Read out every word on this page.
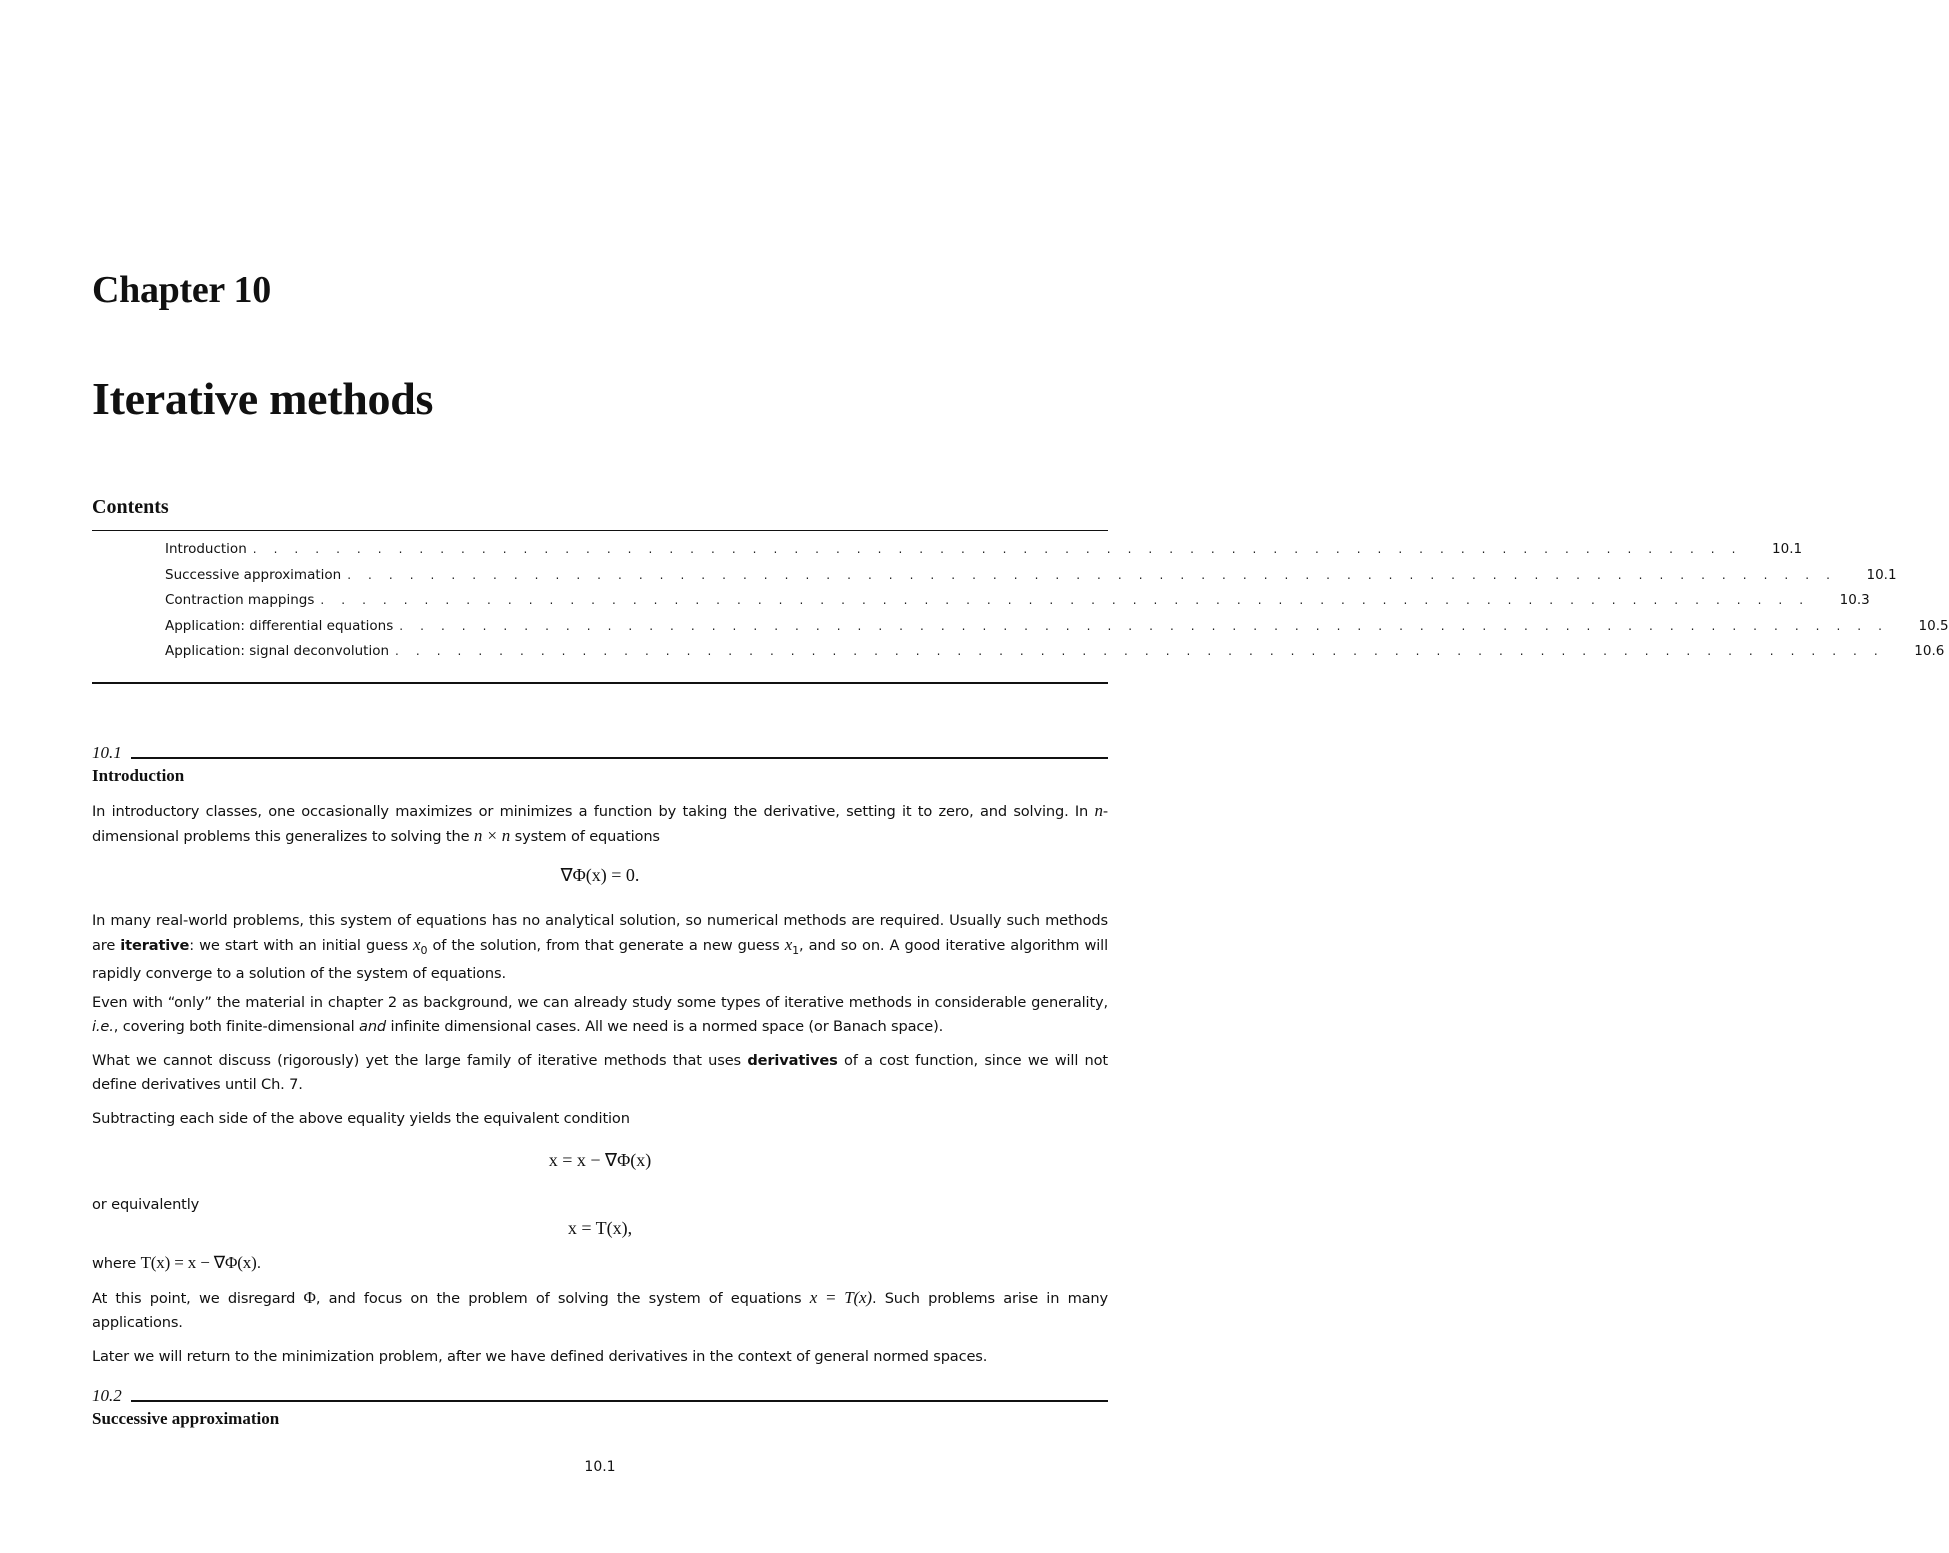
Chapter 10
Iterative methods
Contents
Introduction . . . . . . . . . . . . . . . . . . . . . . . . . . . . . . . . . . . . . . . . . . . . . . . . . . . . . . . . . . . . . . . . . . . . . . . . 10.1
Successive approximation . . . . . . . . . . . . . . . . . . . . . . . . . . . . . . . . . . . . . . . . . . . . . . . . . . . . . . . . . . . . . . . . . . . . . . . . 10.1
Contraction mappings . . . . . . . . . . . . . . . . . . . . . . . . . . . . . . . . . . . . . . . . . . . . . . . . . . . . . . . . . . . . . . . . . . . . . . . . 10.3
Application: differential equations . . . . . . . . . . . . . . . . . . . . . . . . . . . . . . . . . . . . . . . . . . . . . . . . . . . . . . . . . . . . . . . . . . . . . . . . 10.5
Application: signal deconvolution . . . . . . . . . . . . . . . . . . . . . . . . . . . . . . . . . . . . . . . . . . . . . . . . . . . . . . . . . . . . . . . . . . . . . . . . 10.6
10.1
Introduction
In introductory classes, one occasionally maximizes or minimizes a function by taking the derivative, setting it to zero, and solving. In n-dimensional problems this generalizes to solving the n × n system of equations
∇Φ(x) = 0.
In many real-world problems, this system of equations has no analytical solution, so numerical methods are required. Usually such methods are iterative: we start with an initial guess $x_0$ of the solution, from that generate a new guess $x_1$, and so on. A good iterative algorithm will rapidly converge to a solution of the system of equations.
Even with “only” the material in chapter 2 as background, we can already study some types of iterative methods in considerable generality, i.e., covering both finite-dimensional and infinite dimensional cases. All we need is a normed space (or Banach space).
What we cannot discuss (rigorously) yet the large family of iterative methods that uses derivatives of a cost function, since we will not define derivatives until Ch. 7.
Subtracting each side of the above equality yields the equivalent condition
x = x − ∇Φ(x)
or equivalently
x = T(x),
where T(x) = x − ∇Φ(x).
At this point, we disregard Φ, and focus on the problem of solving the system of equations x = T(x). Such problems arise in many applications.
Later we will return to the minimization problem, after we have defined derivatives in the context of general normed spaces.
10.2
Successive approximation
10.1
